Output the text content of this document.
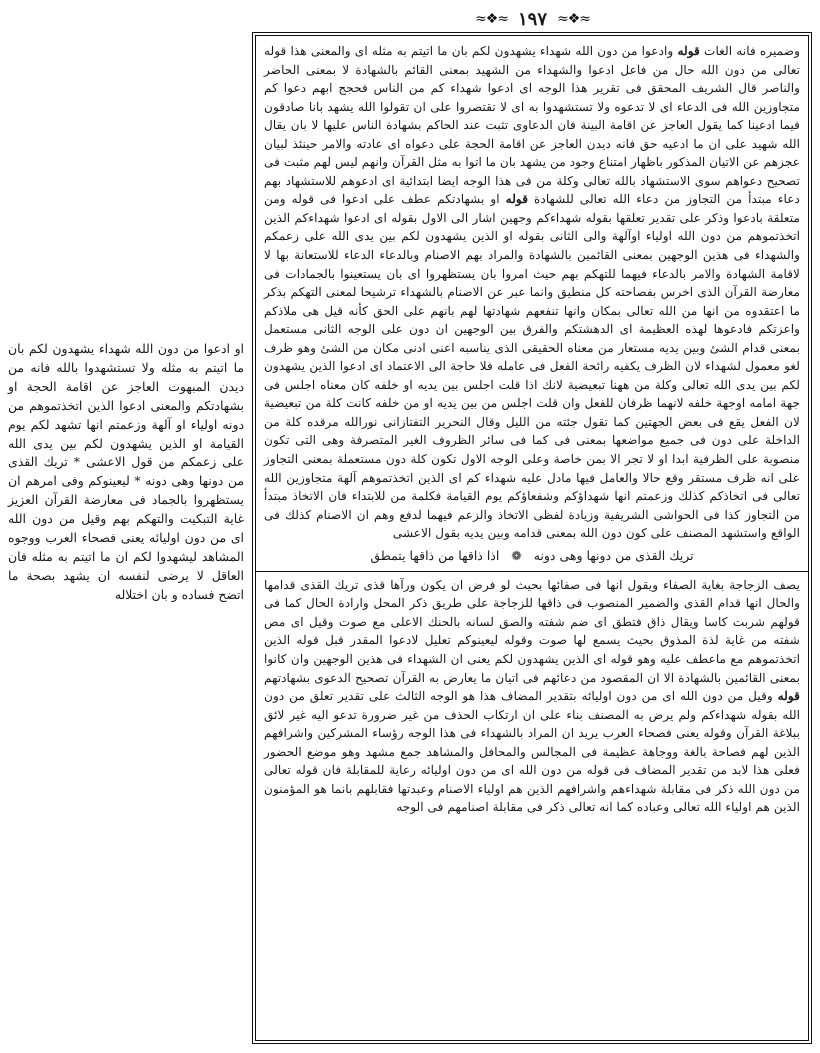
≈❖≈ ١٩٧ ≈❖≈

وضميره فانه الغات قوله وادعوا من دون الله شهداء يشهدون لكم بان ما اتيتم به مثله اى والمعنى هذا قوله تعالى من دون الله حال من فاعل ادعوا والشهداء من الشهيد بمعنى القائم بالشهادة لا بمعنى الحاضر والناصر قال الشريف المحقق فى تقرير هذا الوجه اى ادعوا شهداء كم من الناس فحجج ابهم دعوا كم متجاوزين الله فى الدعاء اى لا تدعوه ولا تستشهدوا به اى لا تقتصروا على ان تقولوا الله يشهد بانا صادقون فيما ادعينا كما يقول العاجز عن اقامة البينة فان الدعاوى تثبت عند الحاكم بشهادة الناس عليها لا بان يقال الله شهيد على ان ما ادعيه حق فانه ديدن العاجز عن اقامة الحجة على دعواه اى عادته والامر حينئذ لبيان عجزهم عن الاتيان المذكور باظهار امتناع وجود من يشهد بان ما اتوا به مثل القرآن وانهم ليس لهم مثبت فى تصحيح دعواهم سوى الاستشهاد بالله تعالى وكلة من فى هذا الوجه ايضا ابتدائية اى ادعوهم للاستشهاد بهم دعاء مبتدأ من التجاوز من دعاء الله تعالى للشهادة قوله او بشهادتكم عطف على ادعوا فى قوله ومن متعلقة بادعوا وذكر على تقدير تعلقها بقوله شهداءكم وجهين اشار الى الاول بقوله اى ادعوا شهداءكم الذين اتخذتموهم من دون الله اولياء اوآلهة والى الثانى بقوله او الذين يشهدون لكم بين يدى الله على زعمكم والشهداء فى هذين الوجهين بمعنى القائمين بالشهادة والمراد بهم الاصنام وبالدعاء الدعاء للاستعانة بها لا لاقامة الشهادة والامر بالدعاء فيهما للتهكم بهم حيث امروا بان يستظهروا اى بان يستعينوا بالجمادات فى معارضة القرآن الذى اخرس بفصاحته كل منطيق وانما عبر عن الاصنام بالشهداء ترشيحا لمعنى التهكم بذكر ما اعتقدوه من انها من الله تعالى بمكان وانها تنفعهم شهادتها لهم بانهم على الحق كأنه قيل هى ملاذكم واعزتكم فادعوها لهذه العظيمة اى الدهشتكم والفرق بين الوجهين ان دون على الوجه الثانى مستعمل بمعنى قدام الشئ وبين يديه مستعار من معناه الحقيقى الذى يناسبه اعنى ادنى مكان من الشئ وهو ظرف لغو معمول لشهداء لان الظرف يكفيه رائحة الفعل فى عامله فلا حاجة الى الاعتماد اى ادعوا الذين يشهدون لكم بين يدى الله تعالى وكلة من ههنا تبعيضية لانك اذا قلت اجلس بين يديه او خلفه كان معناه اجلس فى جهة امامه اوجهة خلفه لانهما ظرفان للفعل وان قلت اجلس من بين يديه او من خلفه كانت كلة من تبعيضية لان الفعل يقع فى بعض الجهتين كما تقول جئته من الليل وقال النحرير التفتازانى نورالله مرقده كلة من الداخلة على دون فى جميع مواضعها بمعنى فى كما فى سائر الظروف الغير المتصرفة وهى التى تكون منصوبة على الظرفية ابدا او لا تجر الا بمن خاصة وعلى الوجه الاول تكون كلة دون مستعملة بمعنى التجاوز على انه ظرف مستقر وقع حالا والعامل فيها مادل عليه شهداء كم اى الذين اتخذتموهم آلهة متجاوزين الله تعالى فى اتخاذكم كذلك وزعمتم انها شهداؤكم وشفعاؤكم يوم القيامة فكلمة من للابتداء فان الاتخاذ مبتدأ من التجاوز كذا فى الحواشى الشريفية وزيادة لفظى الاتخاذ والزعم فيهما لدفع وهم ان الاصنام كذلك فى الواقع واستشهد المصنف على كون دون الله بمعنى قدامه وبين يديه بقول الاعشى

تريك القذى من دونها وهى دونه   ❁   اذا ذاقها من ذاقها يتمطق

يصف الزجاجة بغاية الصفاء ويقول انها فى صفائها بحيث لو فرض ان يكون ورآها قذى تريك القذى قدامها والحال انها قدام القذى والضمير المنصوب فى ذاقها للزجاجة على طريق ذكر المحل وارادة الحال كما فى قولهم شربت كاسا ويقال ذاق فتطق اى ضم شفته والصق لسانه بالحنك الاعلى مع صوت وقيل اى مص شفته من غاية لذة المذوق بحيث يسمع لها صوت وقوله ليعينوكم تعليل لادعوا المقدر قبل قوله الذين اتخذتموهم مع ماعطف عليه وهو قوله اى الذين يشهدون لكم يعنى ان الشهداء فى هذين الوجهين وان كانوا بمعنى القائمين بالشهادة الا ان المقصود من دعائهم فى اتيان ما يعارض به القرآن تصحيح الدعوى بشهادتهم قوله وقيل من دون الله اى من دون اوليائه بتقدير المضاف هذا هو الوجه الثالث على تقدير تعلق من دون الله بقوله شهداءكم ولم يرض به المصنف بناء على ان ارتكاب الحذف من غير ضرورة تدعو اليه غير لائق ببلاغة القرآن وقوله يعنى فصحاء العرب يريد ان المراد بالشهداء فى هذا الوجه رؤساء المشركين واشرافهم الذين لهم فصاحة بالغة ووجاهة عظيمة فى المجالس والمحافل والمشاهد جمع مشهد وهو موضع الحضور فعلى هذا لابد من تقدير المضاف فى قوله من دون الله اى من دون اوليائه رعاية للمقابلة فان قوله تعالى من دون الله ذكر فى مقابلة شهداءهم واشرافهم الذين هم اولياء الاصنام وعبدتها فقابلهم بانما هو المؤمنون الذين هم اولياء الله تعالى وعباده كما انه تعالى ذكر فى مقابلة اصنامهم فى الوجه

او ادعوا من دون الله شهداء يشهدون لكم بان ما اتيتم به مثله ولا تستشهدوا بالله فانه من ديدن المبهوت العاجز عن اقامة الحجة او بشهادتكم والمعنى ادعوا الذين اتخذتموهم من دونه اولياء او آلهة وزعمتم انها تشهد لكم يوم القيامة او الذين يشهدون لكم بين يدى الله على زعمكم من قول الاعشى * تريك القذى من دونها وهى دونه * ليعينوكم وفى امرهم ان يستظهروا بالجماد فى معارضة القرآن العزيز غاية التبكيت والتهكم بهم وقيل من دون الله اى من دون اوليائه يعنى فصحاء العرب ووجوه المشاهد ليشهدوا لكم ان ما اتيتم به مثله فان العاقل لا يرضى لنفسه ان يشهد بصحة ما اتضح فساده و بان اختلاله
